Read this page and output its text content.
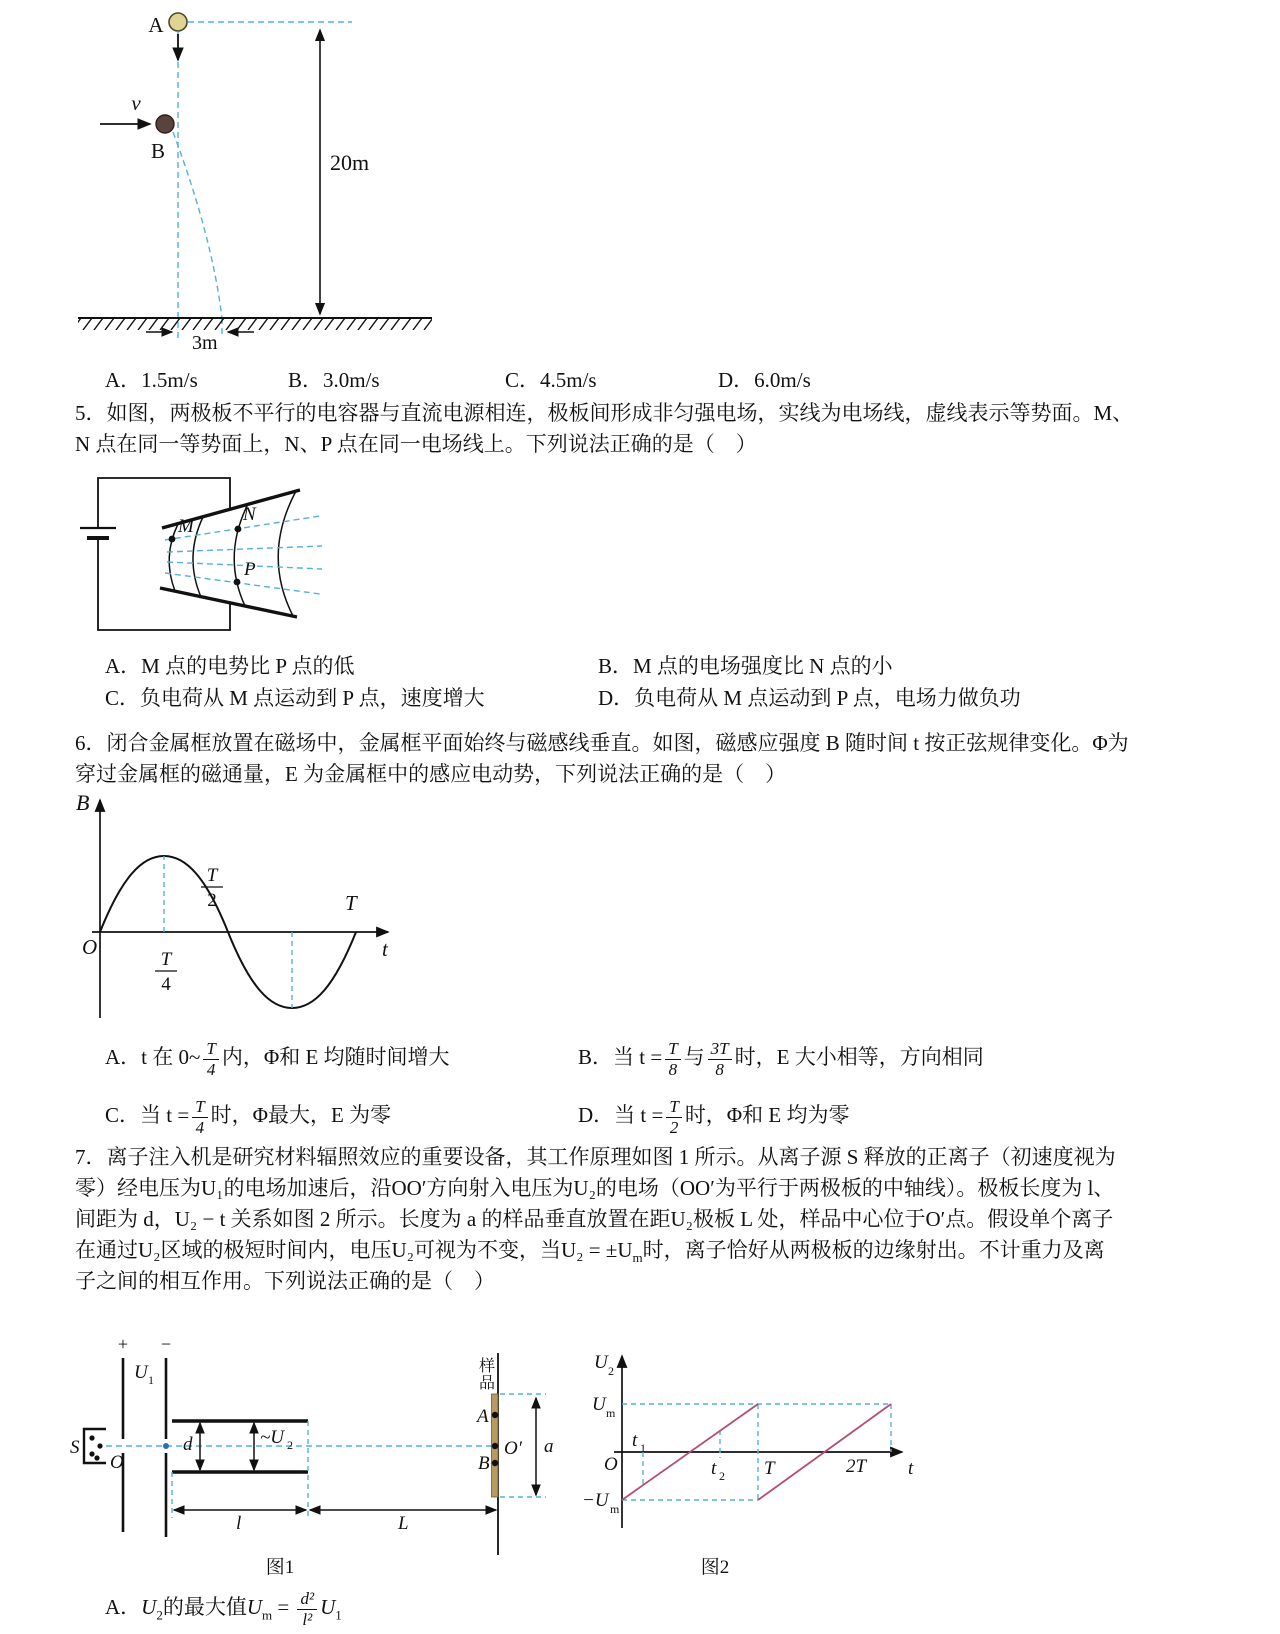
20m
A
v
B
3m
A．1.5m/s	B．3.0m/s	C．4.5m/s	D．6.0m/s
5．如图，两极板不平行的电容器与直流电源相连，极板间形成非匀强电场，实线为电场线，虚线表示等势面。M、
N 点在同一等势面上，N、P 点在同一电场线上。下列说法正确的是（　）
M
N
P
A．M 点的电势比 P 点的低	B．M 点的电场强度比 N 点的小
C．负电荷从 M 点运动到 P 点，速度增大	D．负电荷从 M 点运动到 P 点，电场力做负功
6．闭合金属框放置在磁场中，金属框平面始终与磁感线垂直。如图，磁感应强度 B 随时间 t 按正弦规律变化。Φ为
穿过金属框的磁通量，E 为金属框中的感应电动势，下列说法正确的是（　）
B
O	t
T
T
4
T
2
A．t 在 0~ $\frac{T}{4}$ 内，Φ和 E 均随时间增大	B．当 $t = \frac{T}{8}$ 与 $\frac{3T}{8}$ 时，E 大小相等，方向相同
C．当 $t = \frac{T}{4}$ 时，Φ最大，E 为零	D．当 $t = \frac{T}{2}$ 时，Φ和 E 均为零
7．离子注入机是研究材料辐照效应的重要设备，其工作原理如图 1 所示。从离子源 S 释放的正离子（初速度视为
零）经电压为U₁的电场加速后，沿OO′方向射入电压为U₂的电场（OO′为平行于两极板的中轴线）。极板长度为 l、
间距为 d，U₂ − t 关系如图 2 所示。长度为 a 的样品垂直放置在距U₂极板 L 处，样品中心位于O′点。假设单个离子
在通过U₂区域的极短时间内，电压U₂可视为不变，当$U_2 = \pm U_m$时，离子恰好从两极板的边缘射出。不计重力及离
子之间的相互作用。下列说法正确的是（　）
+ −
U 1
S
O
d	~U 2
l	L
样
品
A
O′
B
a
图1
U 2
U m
−U m
O
t 1
t 2 T	2T t
图2
A．$U_2$的最大值$U_m = \frac{\text{d²}}{\text{l²}} U_1$
